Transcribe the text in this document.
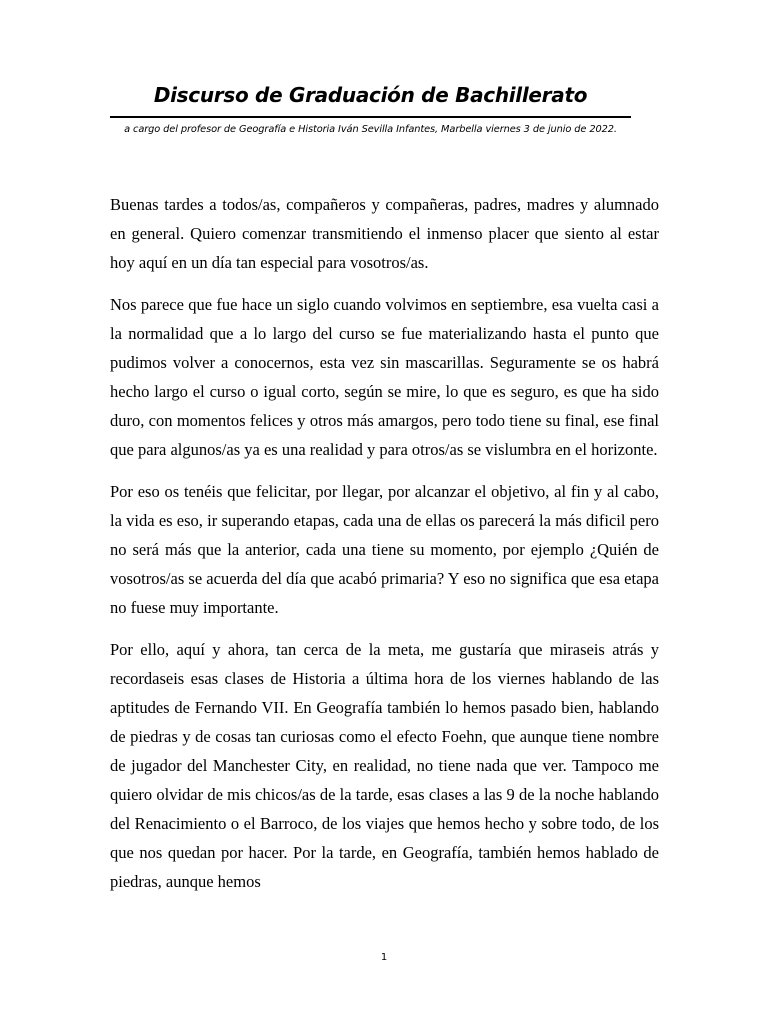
Discurso de Graduación de Bachillerato

a cargo del profesor de Geografía e Historia Iván Sevilla Infantes, Marbella viernes 3 de junio de 2022.

Buenas tardes a todos/as, compañeros y compañeras, padres, madres y alumnado en general. Quiero comenzar transmitiendo el inmenso placer que siento al estar hoy aquí en un día tan especial para vosotros/as.

Nos parece que fue hace un siglo cuando volvimos en septiembre, esa vuelta casi a la normalidad que a lo largo del curso se fue materializando hasta el punto que pudimos volver a conocernos, esta vez sin mascarillas. Seguramente se os habrá hecho largo el curso o igual corto, según se mire, lo que es seguro, es que ha sido duro, con momentos felices y otros más amargos, pero todo tiene su final, ese final que para algunos/as ya es una realidad y para otros/as se vislumbra en el horizonte.

Por eso os tenéis que felicitar, por llegar, por alcanzar el objetivo, al fin y al cabo, la vida es eso, ir superando etapas, cada una de ellas os parecerá la más dificil pero no será más que la anterior, cada una tiene su momento, por ejemplo ¿Quién de vosotros/as se acuerda del día que acabó primaria? Y eso no significa que esa etapa no fuese muy importante.

Por ello, aquí y ahora, tan cerca de la meta, me gustaría que miraseis atrás y recordaseis esas clases de Historia a última hora de los viernes hablando de las aptitudes de Fernando VII. En Geografía también lo hemos pasado bien, hablando de piedras y de cosas tan curiosas como el efecto Foehn, que aunque tiene nombre de jugador del Manchester City, en realidad, no tiene nada que ver. Tampoco me quiero olvidar de mis chicos/as de la tarde, esas clases a las 9 de la noche hablando del Renacimiento o el Barroco, de los viajes que hemos hecho y sobre todo, de los que nos quedan por hacer. Por la tarde, en Geografía, también hemos hablado de piedras, aunque hemos

1
